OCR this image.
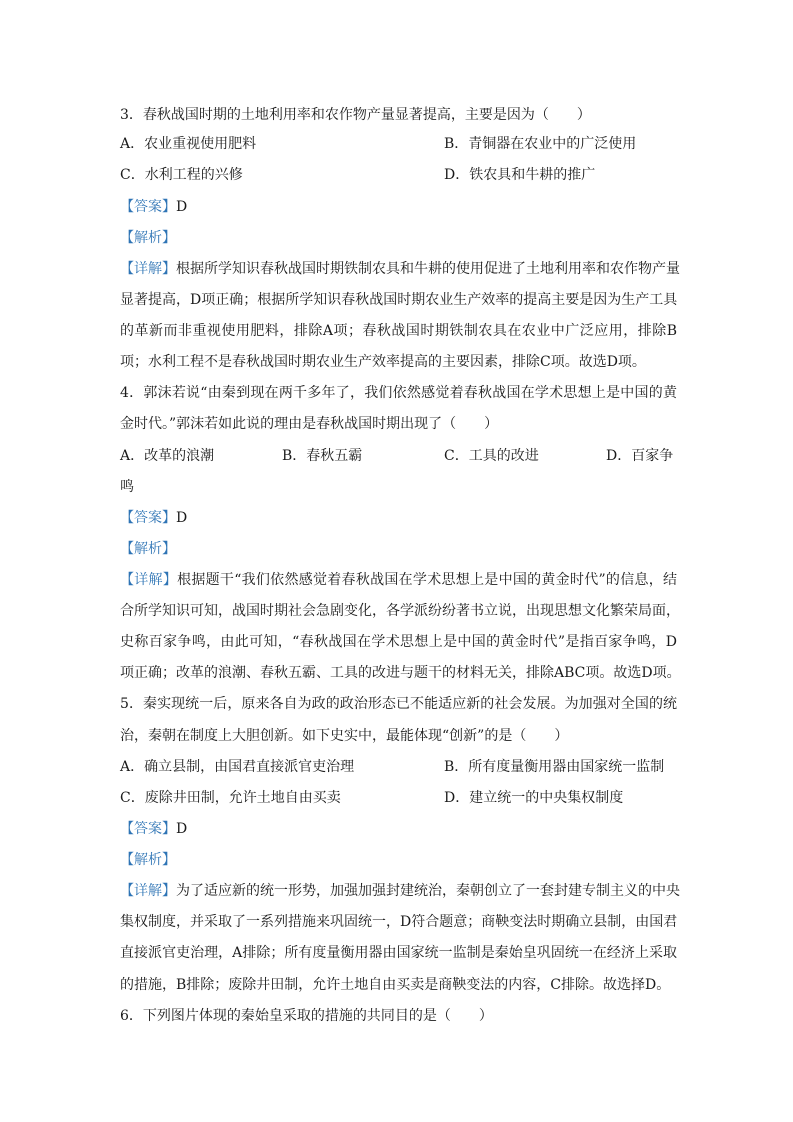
3．春秋战国时期的土地利用率和农作物产量显著提高，主要是因为（　　）
A．农业重视使用肥料	B．青铜器在农业中的广泛使用
C．水利工程的兴修	D．铁农具和牛耕的推广
【答案】D
【解析】
【详解】根据所学知识春秋战国时期铁制农具和牛耕的使用促进了土地利用率和农作物产量
显著提高，D项正确；根据所学知识春秋战国时期农业生产效率的提高主要是因为生产工具
的革新而非重视使用肥料，排除A项；春秋战国时期铁制农具在农业中广泛应用，排除B
项；水利工程不是春秋战国时期农业生产效率提高的主要因素，排除C项。故选D项。
4．郭沫若说“由秦到现在两千多年了，我们依然感觉着春秋战国在学术思想上是中国的黄
金时代。”郭沫若如此说的理由是春秋战国时期出现了（　　）
A．改革的浪潮	B．春秋五霸	C．工具的改进	D．百家争
鸣
【答案】D
【解析】
【详解】根据题干“我们依然感觉着春秋战国在学术思想上是中国的黄金时代”的信息，结
合所学知识可知，战国时期社会急剧变化，各学派纷纷著书立说，出现思想文化繁荣局面，
史称百家争鸣，由此可知，“春秋战国在学术思想上是中国的黄金时代”是指百家争鸣，D
项正确；改革的浪潮、春秋五霸、工具的改进与题干的材料无关，排除ABC项。故选D项。
5．秦实现统一后，原来各自为政的政治形态已不能适应新的社会发展。为加强对全国的统
治，秦朝在制度上大胆创新。如下史实中，最能体现“创新”的是（　　）
A．确立县制，由国君直接派官吏治理	B．所有度量衡用器由国家统一监制
C．废除井田制，允许土地自由买卖	D．建立统一的中央集权制度
【答案】D
【解析】
【详解】为了适应新的统一形势，加强加强封建统治，秦朝创立了一套封建专制主义的中央
集权制度，并采取了一系列措施来巩固统一，D符合题意；商鞅变法时期确立县制，由国君
直接派官吏治理，A排除；所有度量衡用器由国家统一监制是秦始皇巩固统一在经济上采取
的措施，B排除；废除井田制，允许土地自由买卖是商鞅变法的内容，C排除。故选择D。
6．下列图片体现的秦始皇采取的措施的共同目的是（　　）
